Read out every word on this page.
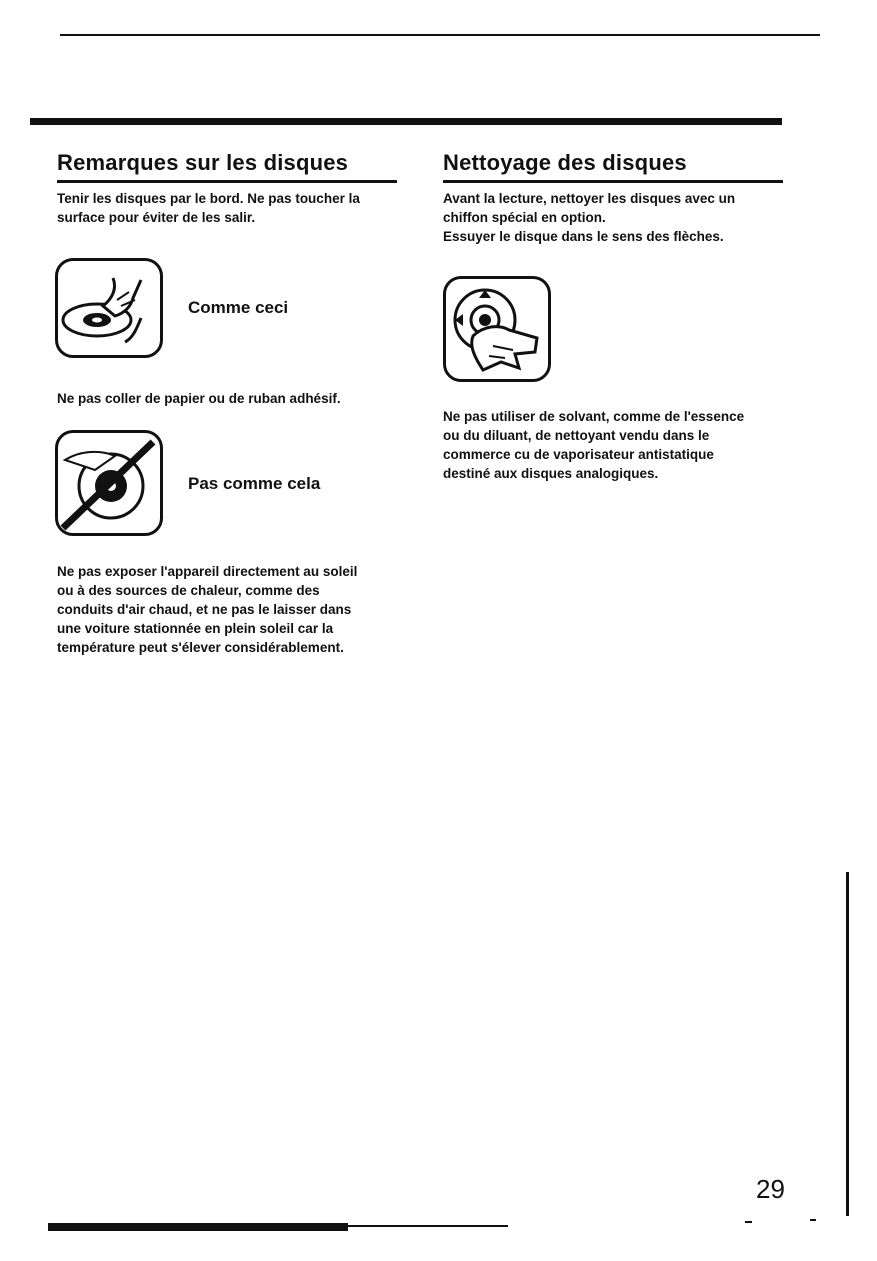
Remarques sur les disques

Tenir les disques par le bord. Ne pas toucher la
surface pour éviter de les salir.

Comme ceci

Ne pas coller de papier ou de ruban adhésif.

Pas comme cela

Ne pas exposer l'appareil directement au soleil
ou à des sources de chaleur, comme des
conduits d'air chaud, et ne pas le laisser dans
une voiture stationnée en plein soleil car la
température peut s'élever considérablement.

Nettoyage des disques

Avant la lecture, nettoyer les disques avec un
chiffon spécial en option.
Essuyer le disque dans le sens des flèches.

Ne pas utiliser de solvant, comme de l'essence
ou du diluant, de nettoyant vendu dans le
commerce cu de vaporisateur antistatique
destiné aux disques analogiques.

29
